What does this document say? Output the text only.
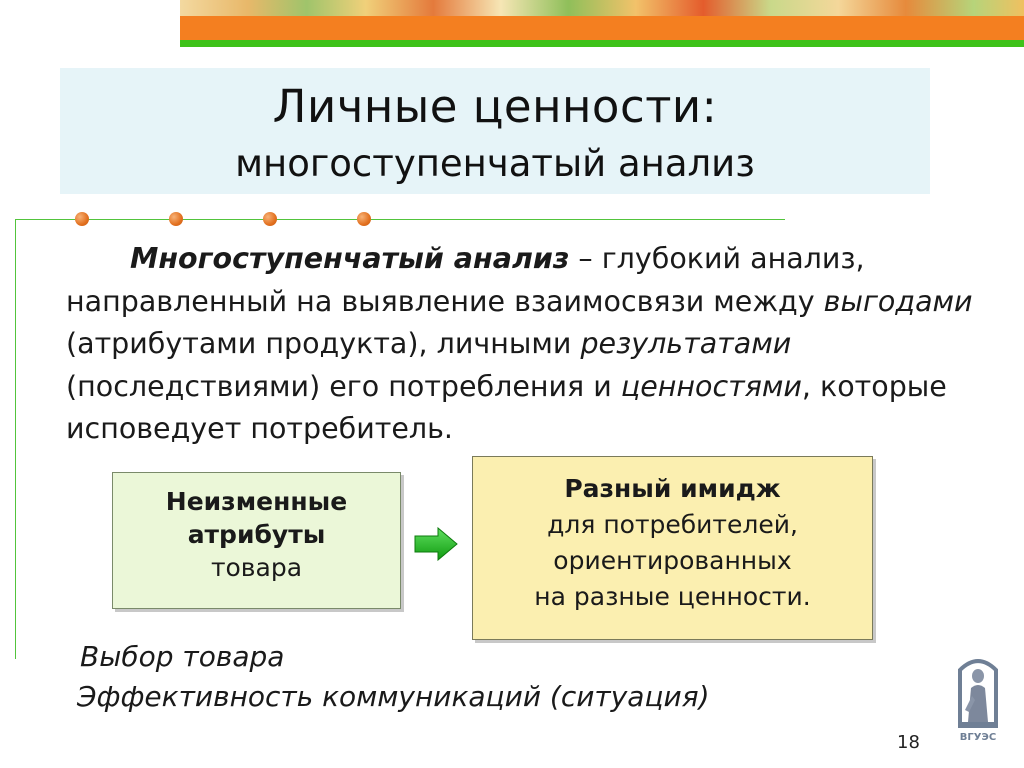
Личные ценности:
многоступенчатый анализ
Многоступенчатый анализ – глубокий анализ, направленный на выявление взаимосвязи между выгодами (атрибутами продукта), личными результатами (последствиями) его потребления и ценностями, которые исповедует потребитель.
Неизменные
атрибуты
товара
Разный имидж
для потребителей,
ориентированных
на разные ценности.
Выбор товара
Эффективность коммуникаций (ситуация)
ВГУЭС
18
